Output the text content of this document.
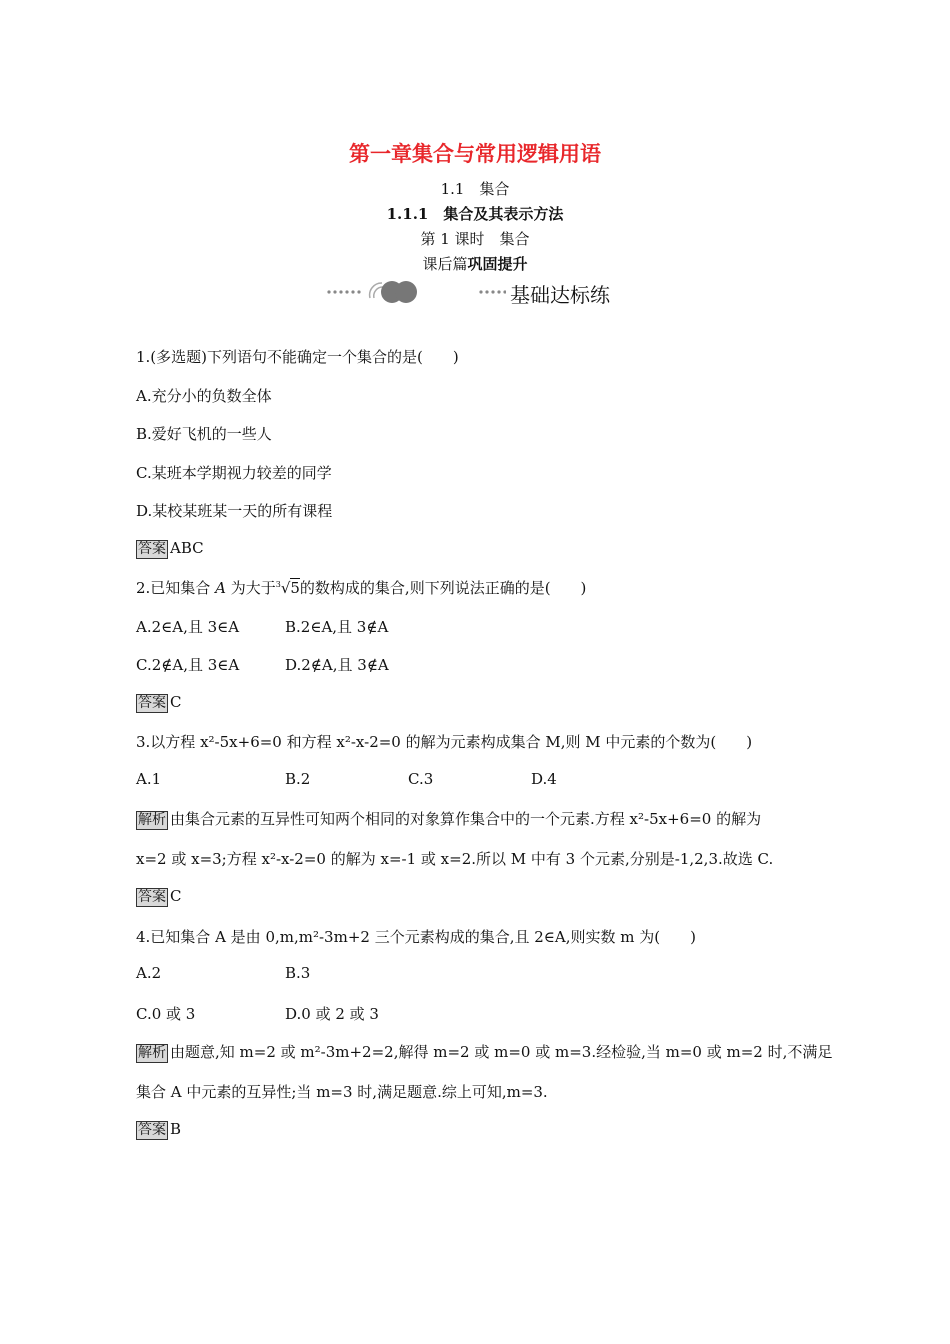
第一章集合与常用逻辑用语
1.1　集合
1.1.1　集合及其表示方法
第 1 课时　集合
课后篇巩固提升
基础达标练
1.(多选题)下列语句不能确定一个集合的是(　　)
A.充分小的负数全体
B.爱好飞机的一些人
C.某班本学期视力较差的同学
D.某校某班某一天的所有课程
答案 ABC
2.已知集合 A 为大于$^3$√5的数构成的集合,则下列说法正确的是(　　)
A.2∈A,且 3∈A	B.2∈A,且 3∉A
C.2∉A,且 3∈A	D.2∉A,且 3∉A
答案 C
3.以方程 x²-5x+6=0 和方程 x²-x-2=0 的解为元素构成集合 M,则 M 中元素的个数为(　　)
A.1	B.2	C.3	D.4
解析 由集合元素的互异性可知两个相同的对象算作集合中的一个元素.方程 x²-5x+6=0 的解为
x=2 或 x=3;方程 x²-x-2=0 的解为 x=-1 或 x=2.所以 M 中有 3 个元素,分别是-1,2,3.故选 C.
答案 C
4.已知集合 A 是由 0,m,m²-3m+2 三个元素构成的集合,且 2∈A,则实数 m 为(　　)
A.2	B.3
C.0 或 3	D.0 或 2 或 3
解析 由题意,知 m=2 或 m²-3m+2=2,解得 m=2 或 m=0 或 m=3.经检验,当 m=0 或 m=2 时,不满足
集合 A 中元素的互异性;当 m=3 时,满足题意.综上可知,m=3.
答案 B
